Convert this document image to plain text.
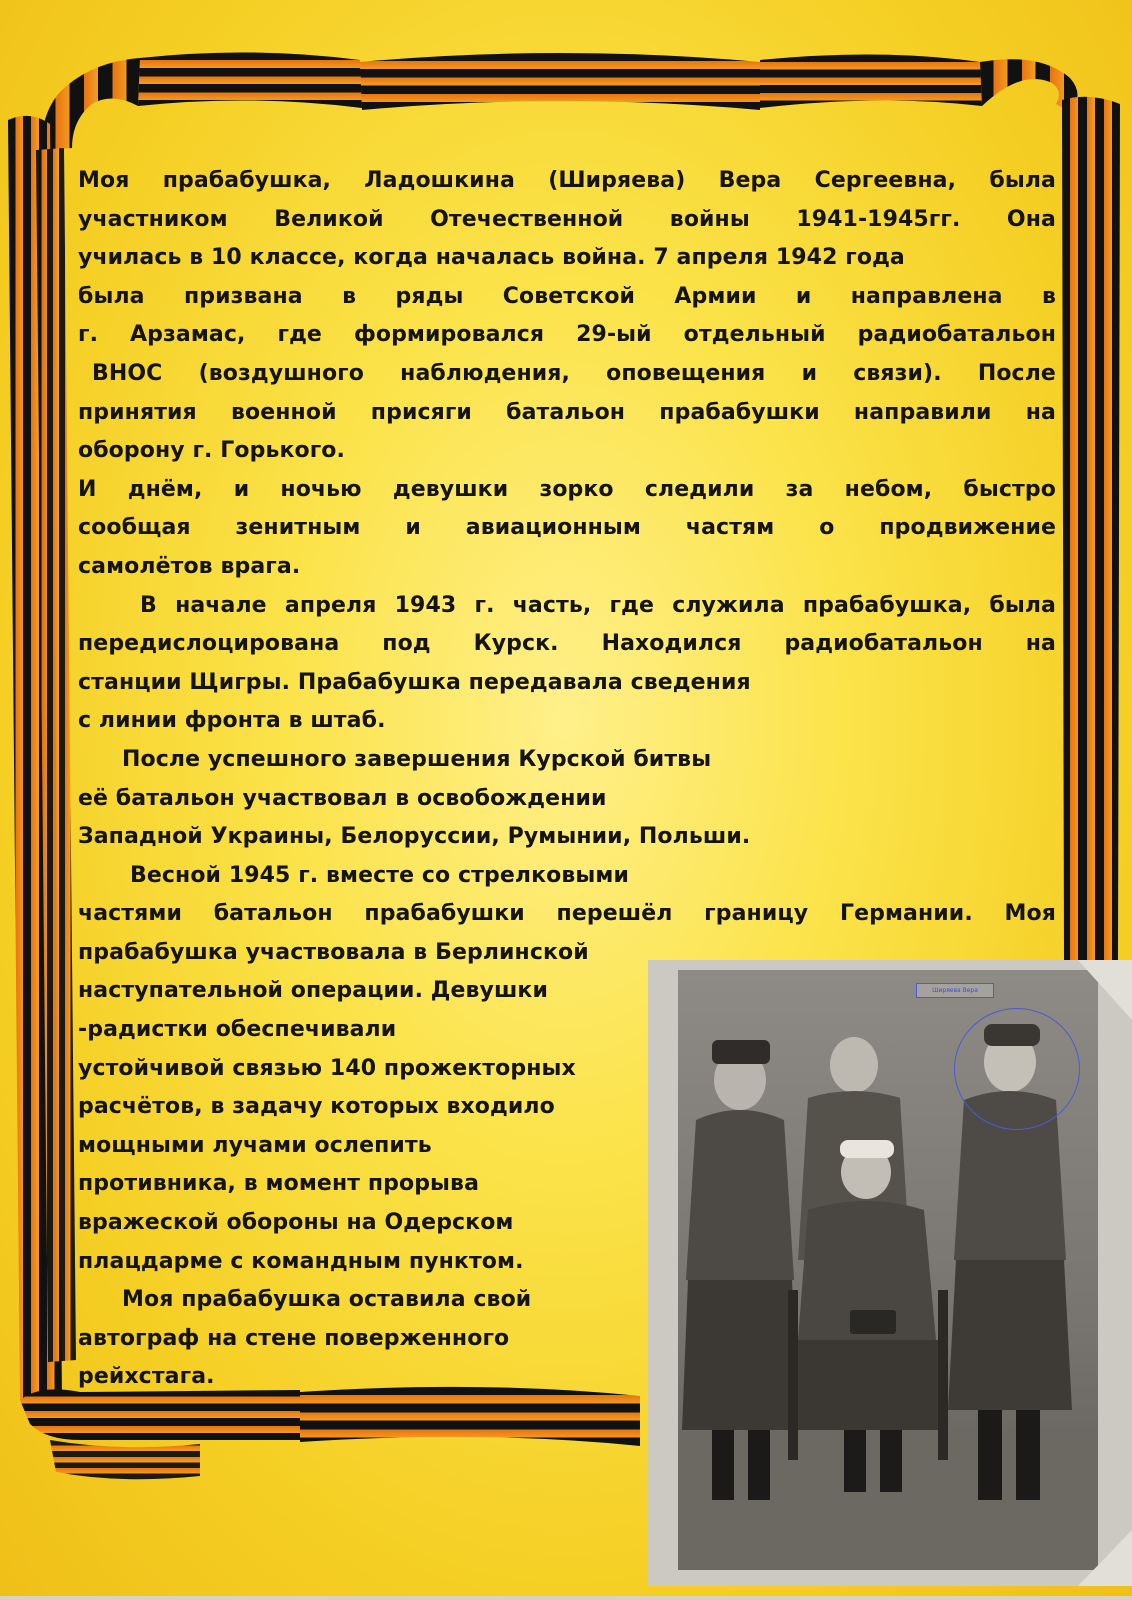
Моя прабабушка, Ладошкина (Ширяева) Вера Сергеевна, была
участником Великой Отечественной войны 1941-1945гг. Она
училась в 10 классе, когда началась война. 7 апреля 1942 года
была призвана в ряды Советской Армии и направлена в
г. Арзамас, где формировался 29-ый отдельный радиобатальон
ВНОС (воздушного наблюдения, оповещения и связи). После
принятия военной присяги батальон прабабушки направили на
оборону г. Горького.
И днём, и ночью девушки зорко следили за небом, быстро
сообщая зенитным и авиационным частям о продвижение
самолётов врага.
В начале апреля 1943 г. часть, где служила прабабушка, была
передислоцирована под Курск. Находился радиобатальон на
станции Щигры. Прабабушка передавала сведения
с линии фронта в штаб.
После успешного завершения Курской битвы
её батальон участвовал в освобождении
Западной Украины, Белоруссии, Румынии, Польши.
Весной 1945 г. вместе со стрелковыми
частями батальон прабабушки перешёл границу Германии. Моя
прабабушка участвовала в Берлинской
наступательной операции. Девушки
-радистки обеспечивали
устойчивой связью 140 прожекторных
расчётов, в задачу которых входило
мощными лучами ослепить
противника, в момент прорыва
вражеской обороны на Одерском
плацдарме с командным пунктом.
Моя прабабушка оставила свой
автограф на стене поверженного
рейхстага.
Ширяева Вера
